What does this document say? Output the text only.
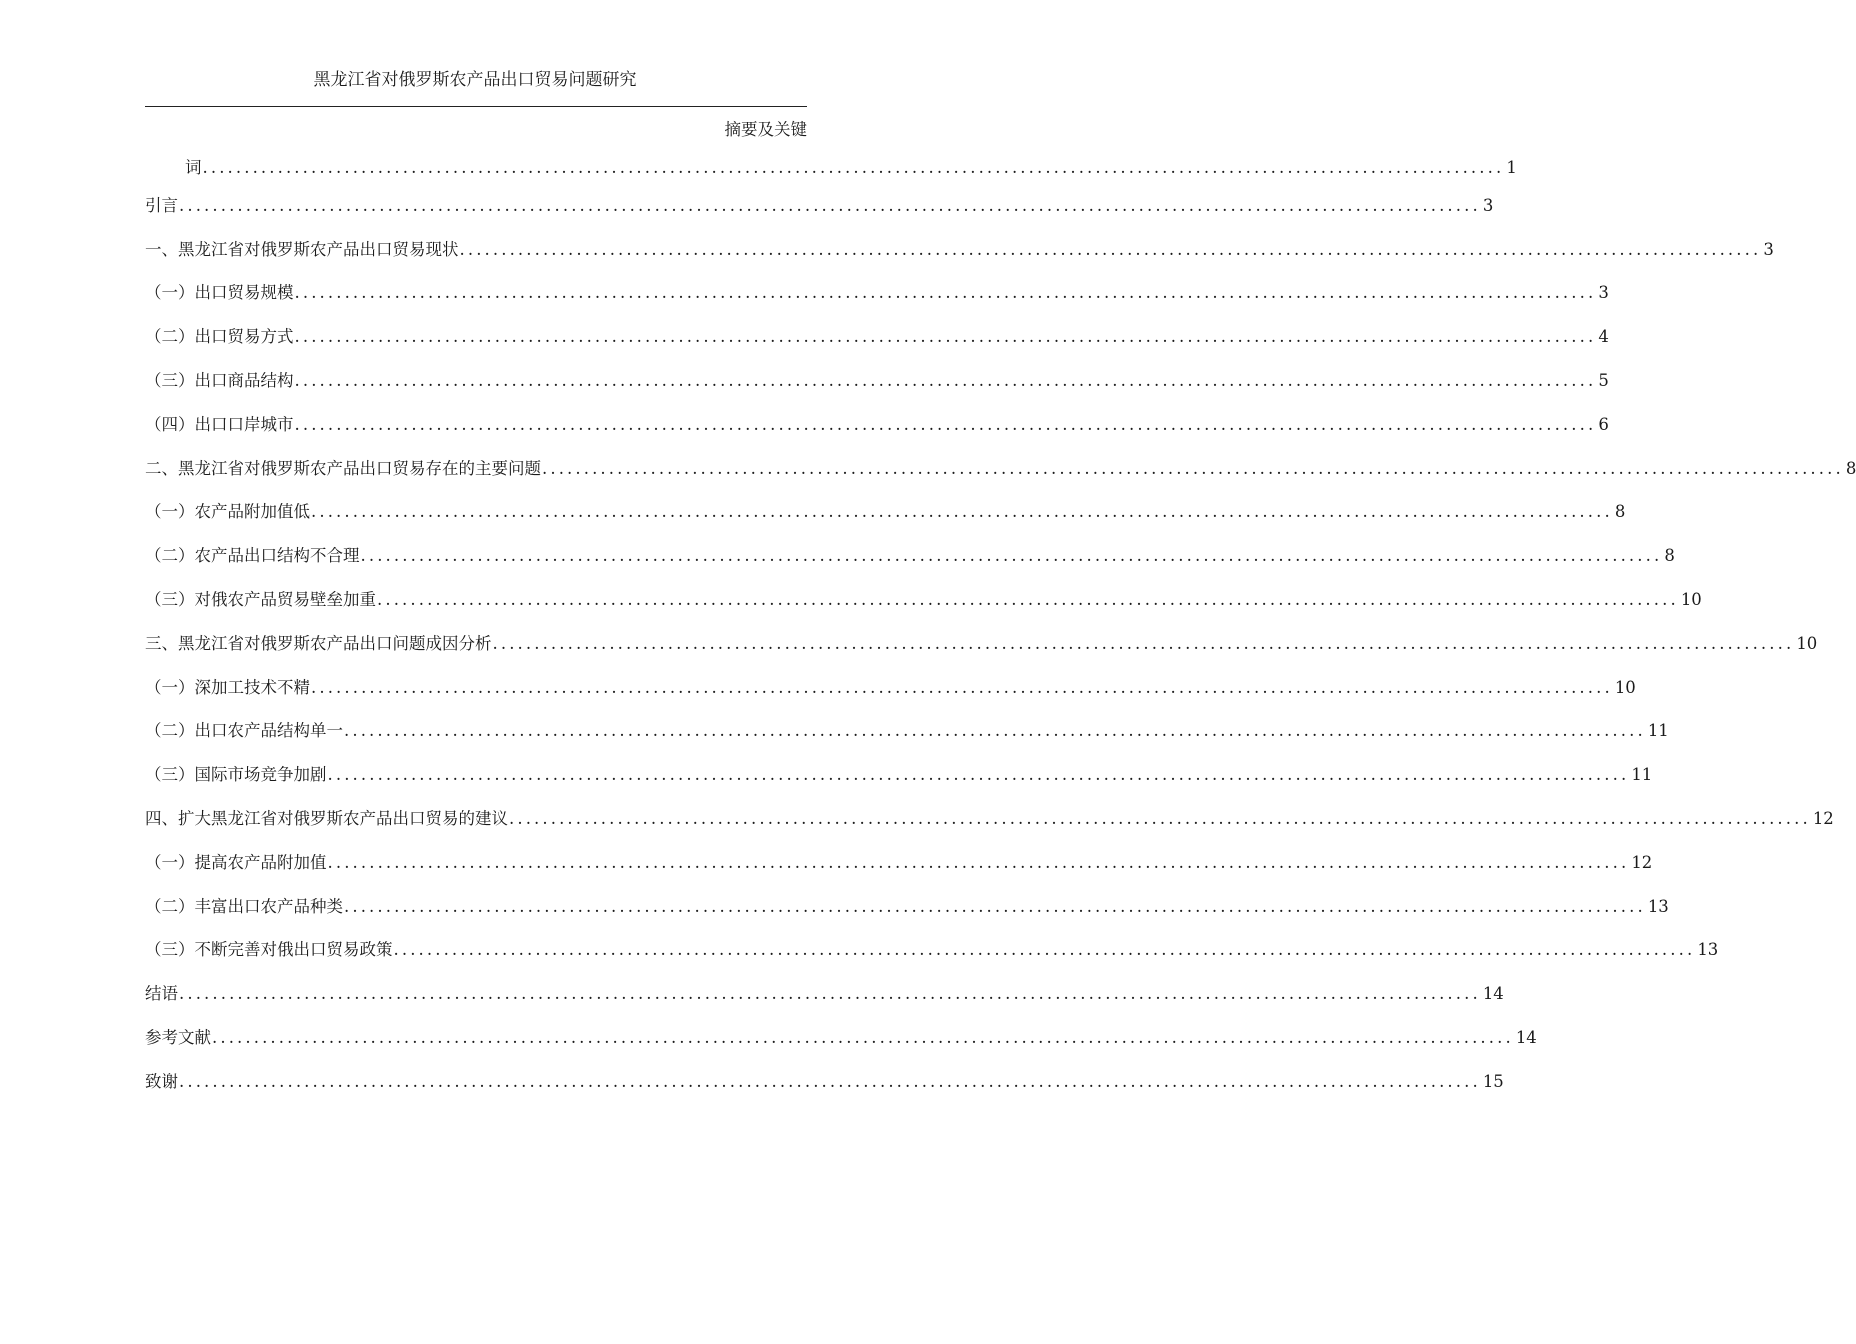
黑龙江省对俄罗斯农产品出口贸易问题研究
摘要及关键
词 ............................................................................................................................................................ 1
引言 ............................................................................................................................................................ 3
一、黑龙江省对俄罗斯农产品出口贸易现状 ............................................................................................................................................................ 3
（一）出口贸易规模 ............................................................................................................................................................ 3
（二）出口贸易方式 ............................................................................................................................................................ 4
（三）出口商品结构 ............................................................................................................................................................ 5
（四）出口口岸城市 ............................................................................................................................................................ 6
二、黑龙江省对俄罗斯农产品出口贸易存在的主要问题 ............................................................................................................................................................ 8
（一）农产品附加值低 ............................................................................................................................................................ 8
（二）农产品出口结构不合理 ............................................................................................................................................................ 8
（三）对俄农产品贸易壁垒加重 ............................................................................................................................................................ 10
三、黑龙江省对俄罗斯农产品出口问题成因分析 ............................................................................................................................................................ 10
（一）深加工技术不精 ............................................................................................................................................................ 10
（二）出口农产品结构单一 ............................................................................................................................................................ 11
（三）国际市场竞争加剧 ............................................................................................................................................................ 11
四、扩大黑龙江省对俄罗斯农产品出口贸易的建议 ............................................................................................................................................................ 12
（一）提高农产品附加值 ............................................................................................................................................................ 12
（二）丰富出口农产品种类 ............................................................................................................................................................ 13
（三）不断完善对俄出口贸易政策 ............................................................................................................................................................ 13
结语 ............................................................................................................................................................ 14
参考文献 ............................................................................................................................................................ 14
致谢 ............................................................................................................................................................ 15
